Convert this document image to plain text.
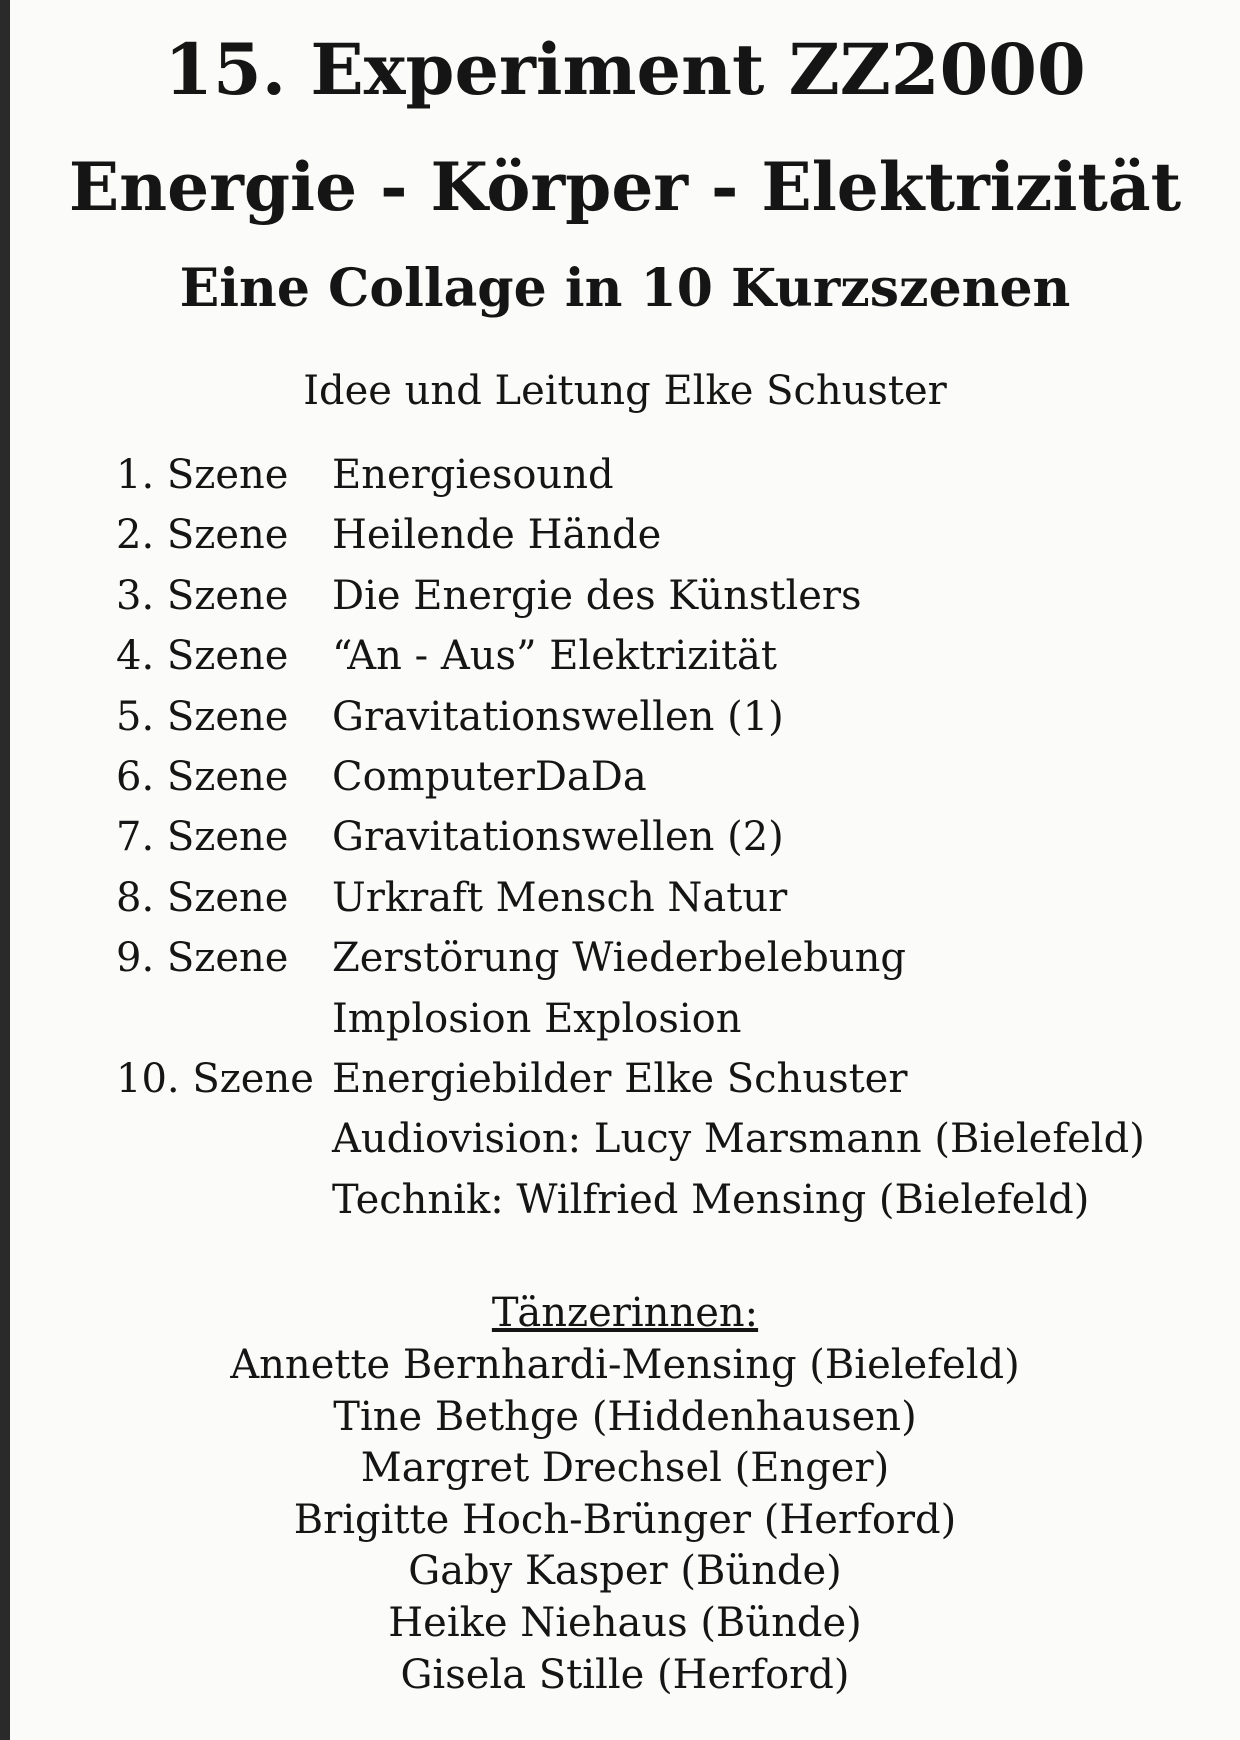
15. Experiment ZZ2000
Energie - Körper - Elektrizität
Eine Collage in 10 Kurzszenen
Idee und Leitung Elke Schuster
1. Szene Energiesound
2. Szene Heilende Hände
3. Szene Die Energie des Künstlers
4. Szene “An - Aus” Elektrizität
5. Szene Gravitationswellen (1)
6. Szene ComputerDaDa
7. Szene Gravitationswellen (2)
8. Szene Urkraft Mensch Natur
9. Szene Zerstörung Wiederbelebung
Implosion Explosion
10. Szene Energiebilder Elke Schuster
Audiovision: Lucy Marsmann (Bielefeld)
Technik: Wilfried Mensing (Bielefeld)
Tänzerinnen:
Annette Bernhardi-Mensing (Bielefeld)
Tine Bethge (Hiddenhausen)
Margret Drechsel (Enger)
Brigitte Hoch-Brünger (Herford)
Gaby Kasper (Bünde)
Heike Niehaus (Bünde)
Gisela Stille (Herford)
